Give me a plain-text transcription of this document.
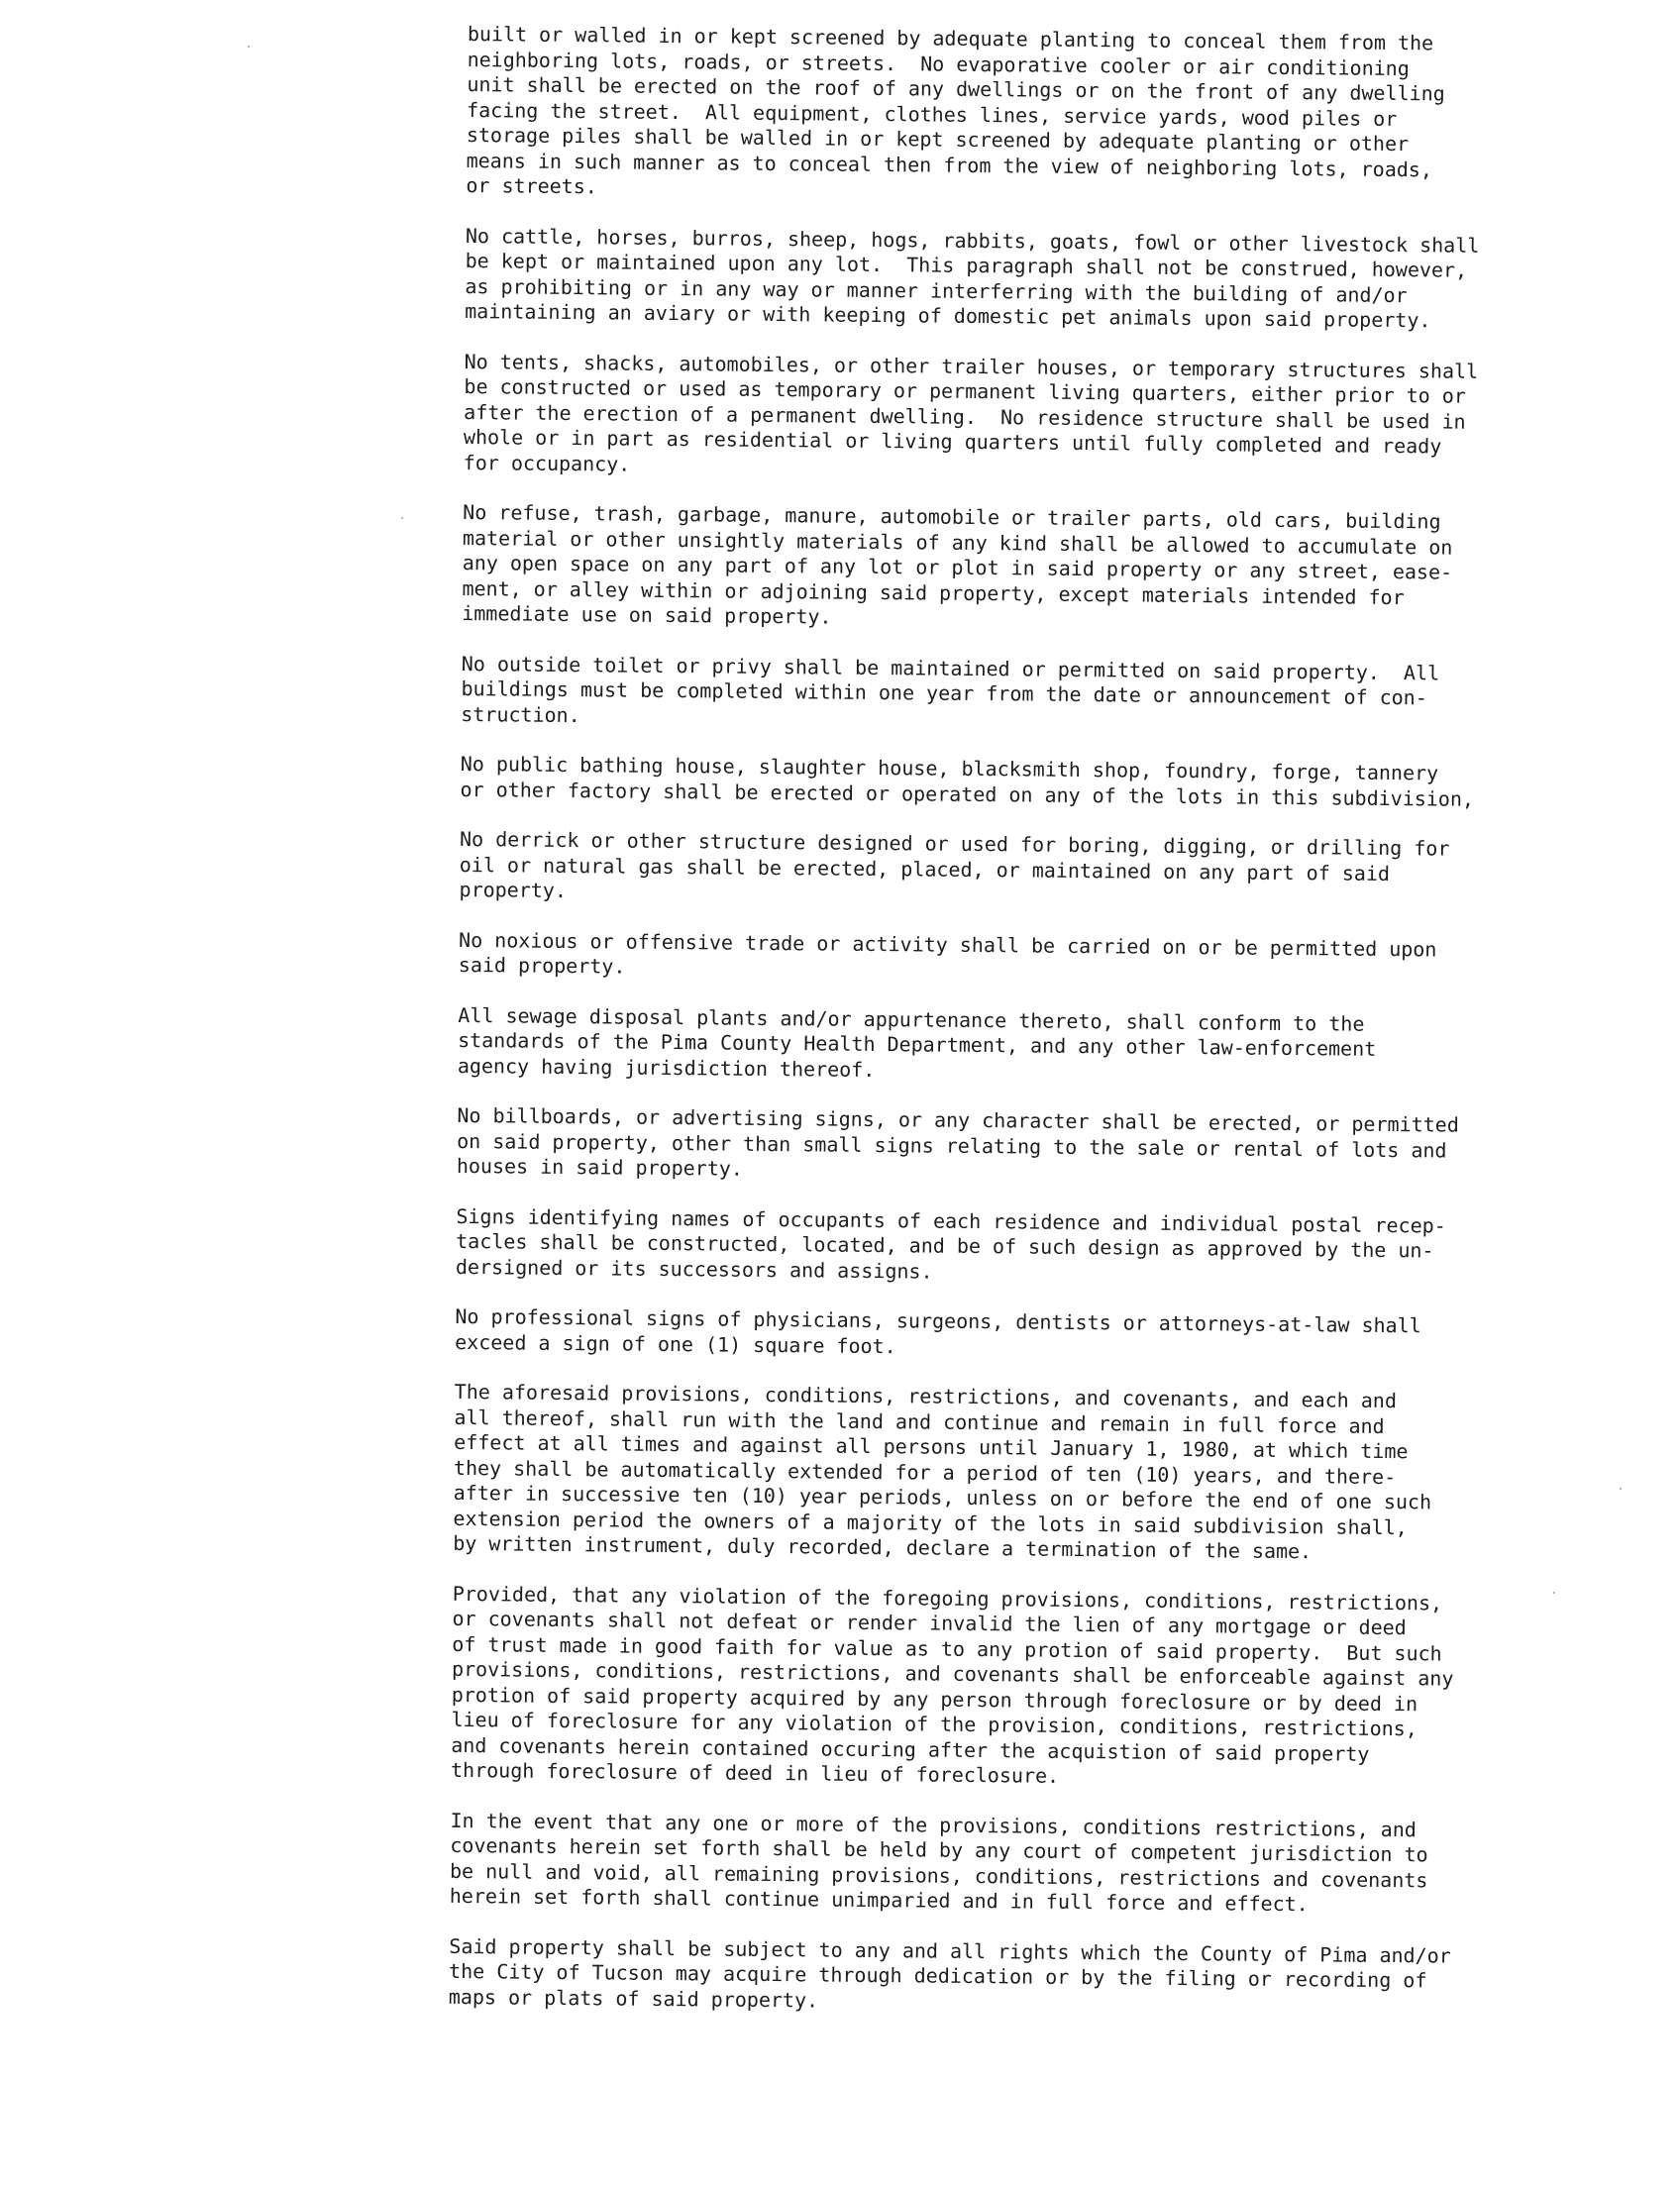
built or walled in or kept screened by adequate planting to conceal them from the
neighboring lots, roads, or streets.  No evaporative cooler or air conditioning
unit shall be erected on the roof of any dwellings or on the front of any dwelling
facing the street.  All equipment, clothes lines, service yards, wood piles or
storage piles shall be walled in or kept screened by adequate planting or other
means in such manner as to conceal then from the view of neighboring lots, roads,
or streets.

No cattle, horses, burros, sheep, hogs, rabbits, goats, fowl or other livestock shall
be kept or maintained upon any lot.  This paragraph shall not be construed, however,
as prohibiting or in any way or manner interferring with the building of and/or
maintaining an aviary or with keeping of domestic pet animals upon said property.

No tents, shacks, automobiles, or other trailer houses, or temporary structures shall
be constructed or used as temporary or permanent living quarters, either prior to or
after the erection of a permanent dwelling.  No residence structure shall be used in
whole or in part as residential or living quarters until fully completed and ready
for occupancy.

No refuse, trash, garbage, manure, automobile or trailer parts, old cars, building
material or other unsightly materials of any kind shall be allowed to accumulate on
any open space on any part of any lot or plot in said property or any street, ease-
ment, or alley within or adjoining said property, except materials intended for
immediate use on said property.

No outside toilet or privy shall be maintained or permitted on said property.  All
buildings must be completed within one year from the date or announcement of con-
struction.

No public bathing house, slaughter house, blacksmith shop, foundry, forge, tannery
or other factory shall be erected or operated on any of the lots in this subdivision,

No derrick or other structure designed or used for boring, digging, or drilling for
oil or natural gas shall be erected, placed, or maintained on any part of said
property.

No noxious or offensive trade or activity shall be carried on or be permitted upon
said property.

All sewage disposal plants and/or appurtenance thereto, shall conform to the
standards of the Pima County Health Department, and any other law-enforcement
agency having jurisdiction thereof.

No billboards, or advertising signs, or any character shall be erected, or permitted
on said property, other than small signs relating to the sale or rental of lots and
houses in said property.

Signs identifying names of occupants of each residence and individual postal recep-
tacles shall be constructed, located, and be of such design as approved by the un-
dersigned or its successors and assigns.

No professional signs of physicians, surgeons, dentists or attorneys-at-law shall
exceed a sign of one (1) square foot.

The aforesaid provisions, conditions, restrictions, and covenants, and each and
all thereof, shall run with the land and continue and remain in full force and
effect at all times and against all persons until January 1, 1980, at which time
they shall be automatically extended for a period of ten (10) years, and there-
after in successive ten (10) year periods, unless on or before the end of one such
extension period the owners of a majority of the lots in said subdivision shall,
by written instrument, duly recorded, declare a termination of the same.

Provided, that any violation of the foregoing provisions, conditions, restrictions,
or covenants shall not defeat or render invalid the lien of any mortgage or deed
of trust made in good faith for value as to any protion of said property.  But such
provisions, conditions, restrictions, and covenants shall be enforceable against any
protion of said property acquired by any person through foreclosure or by deed in
lieu of foreclosure for any violation of the provision, conditions, restrictions,
and covenants herein contained occuring after the acquistion of said property
through foreclosure of deed in lieu of foreclosure.

In the event that any one or more of the provisions, conditions restrictions, and
covenants herein set forth shall be held by any court of competent jurisdiction to
be null and void, all remaining provisions, conditions, restrictions and covenants
herein set forth shall continue unimparied and in full force and effect.

Said property shall be subject to any and all rights which the County of Pima and/or
the City of Tucson may acquire through dedication or by the filing or recording of
maps or plats of said property.
